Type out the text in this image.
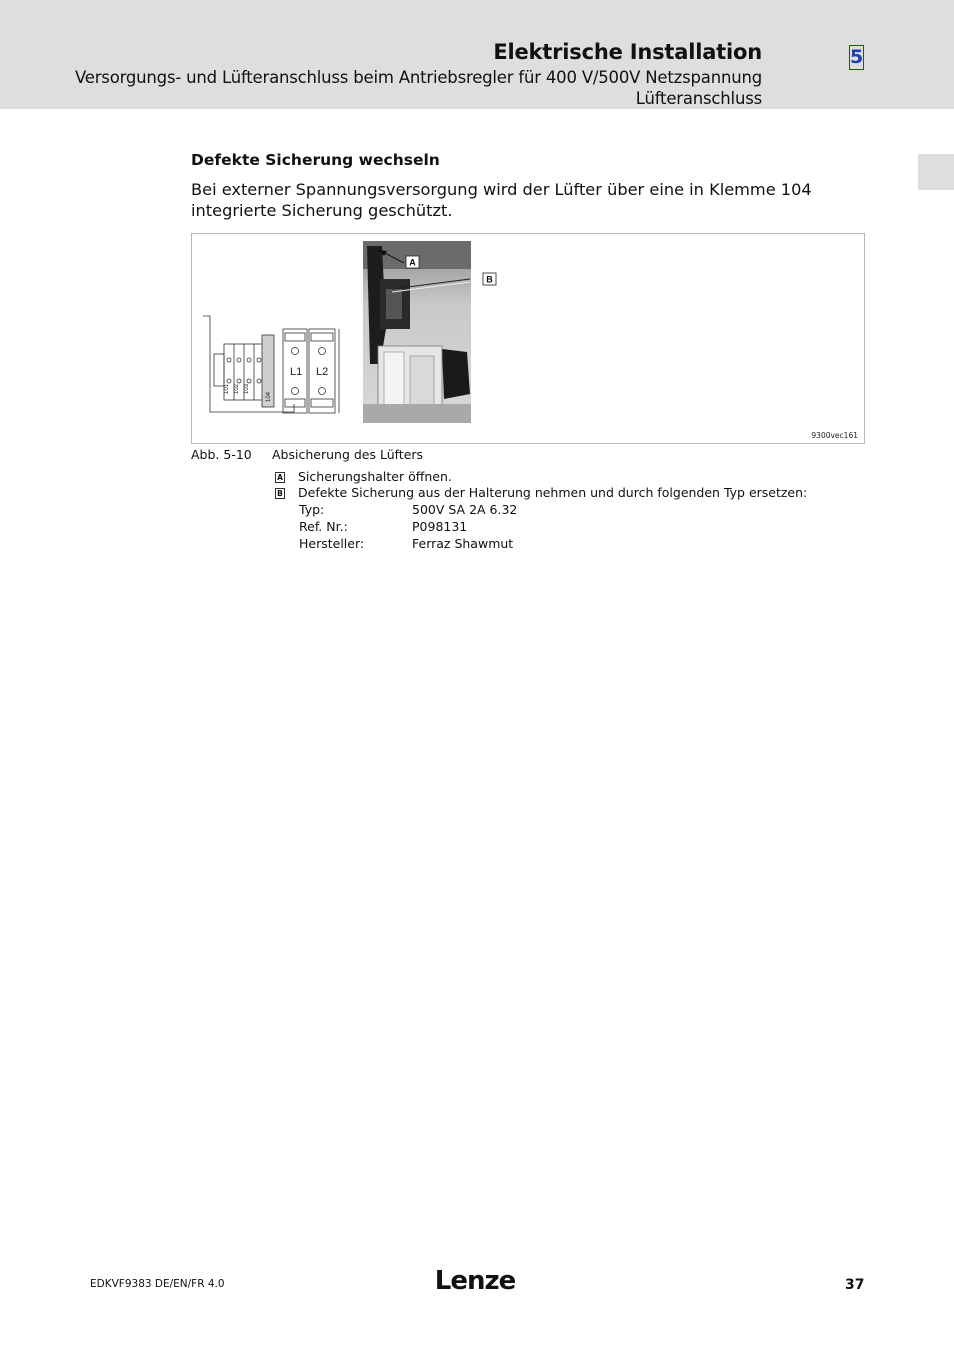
Elektrische Installation
Versorgungs- und Lüfteranschluss beim Antriebsregler für 400 V/500V Netzspannung
Lüfteranschluss
5
Defekte Sicherung wechseln
Bei externer Spannungsversorgung wird der Lüfter über eine in Klemme 104 integrierte Sicherung geschützt.
101 102 103
104
L1 L2
A
B
9300vec161
Abb. 5-10 Absicherung des Lüfters
A Sicherungshalter öffnen.
B Defekte Sicherung aus der Halterung nehmen und durch folgenden Typ ersetzen:
Typ:	500V SA 2A 6.32
Ref. Nr.:	P098131
Hersteller:	Ferraz Shawmut
EDKVF9383 DE/EN/FR 4.0	Lenze	37
